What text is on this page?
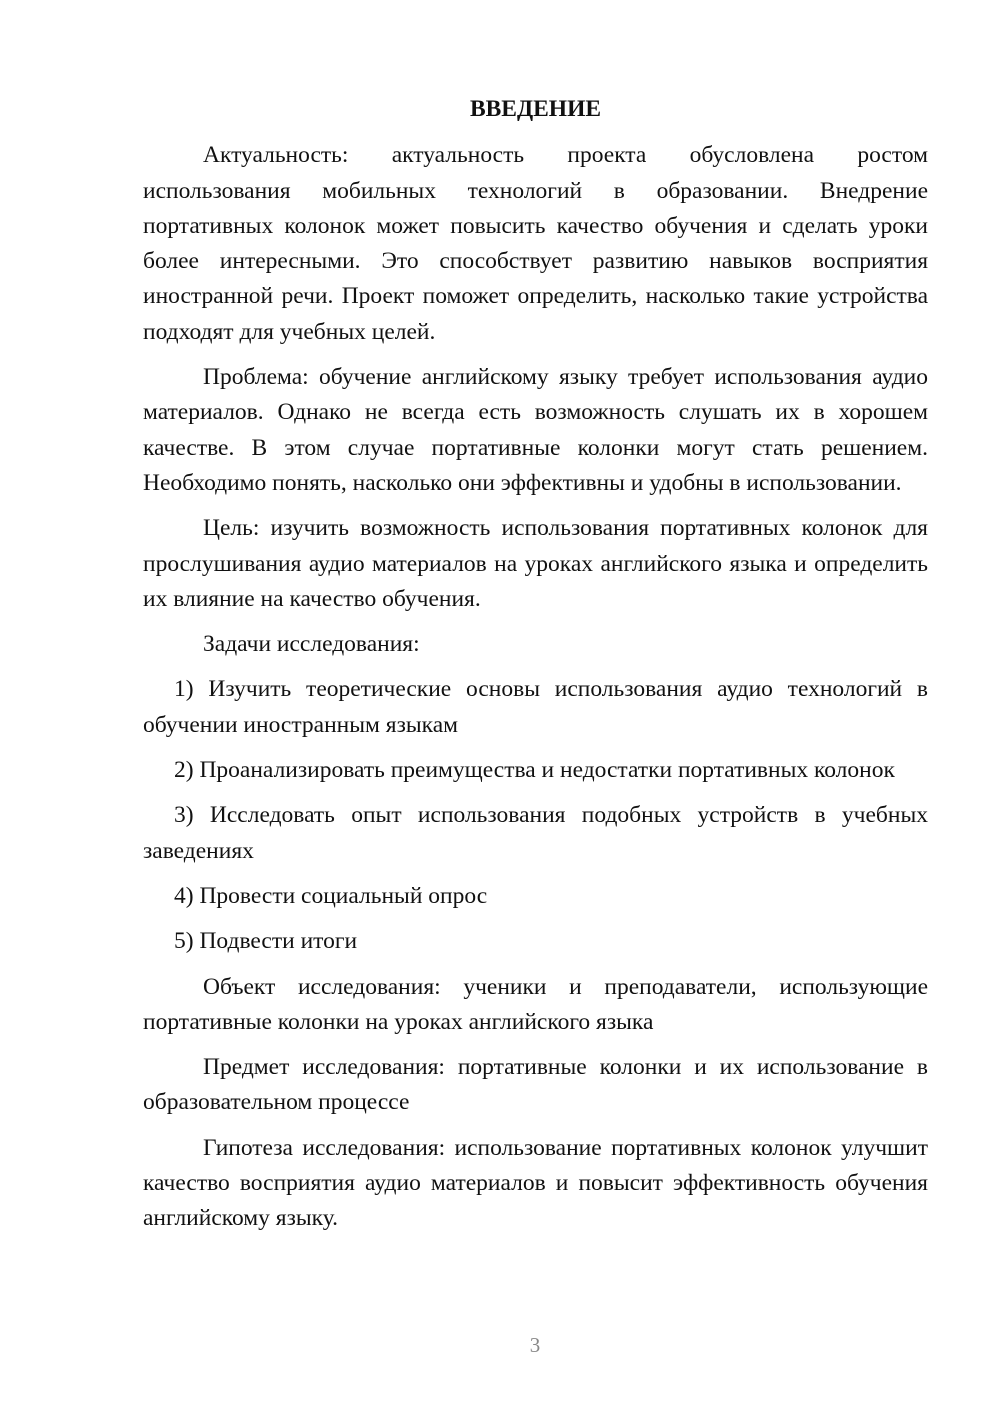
ВВЕДЕНИЕ

Актуальность: актуальность проекта обусловлена ростом использования мобильных технологий в образовании. Внедрение портативных колонок может повысить качество обучения и сделать уроки более интересными. Это способствует развитию навыков восприятия иностранной речи. Проект поможет определить, насколько такие устройства подходят для учебных целей.

Проблема: обучение английскому языку требует использования аудио материалов. Однако не всегда есть возможность слушать их в хорошем качестве. В этом случае портативные колонки могут стать решением. Необходимо понять, насколько они эффективны и удобны в использовании.

Цель: изучить возможность использования портативных колонок для прослушивания аудио материалов на уроках английского языка и определить их влияние на качество обучения.

Задачи исследования:

1) Изучить теоретические основы использования аудио технологий в обучении иностранным языкам

2) Проанализировать преимущества и недостатки портативных колонок

3) Исследовать опыт использования подобных устройств в учебных заведениях

4) Провести социальный опрос

5) Подвести итоги

Объект исследования: ученики и преподаватели, использующие портативные колонки на уроках английского языка

Предмет исследования: портативные колонки и их использование в образовательном процессе

Гипотеза исследования: использование портативных колонок улучшит качество восприятия аудио материалов и повысит эффективность обучения английскому языку.

3
